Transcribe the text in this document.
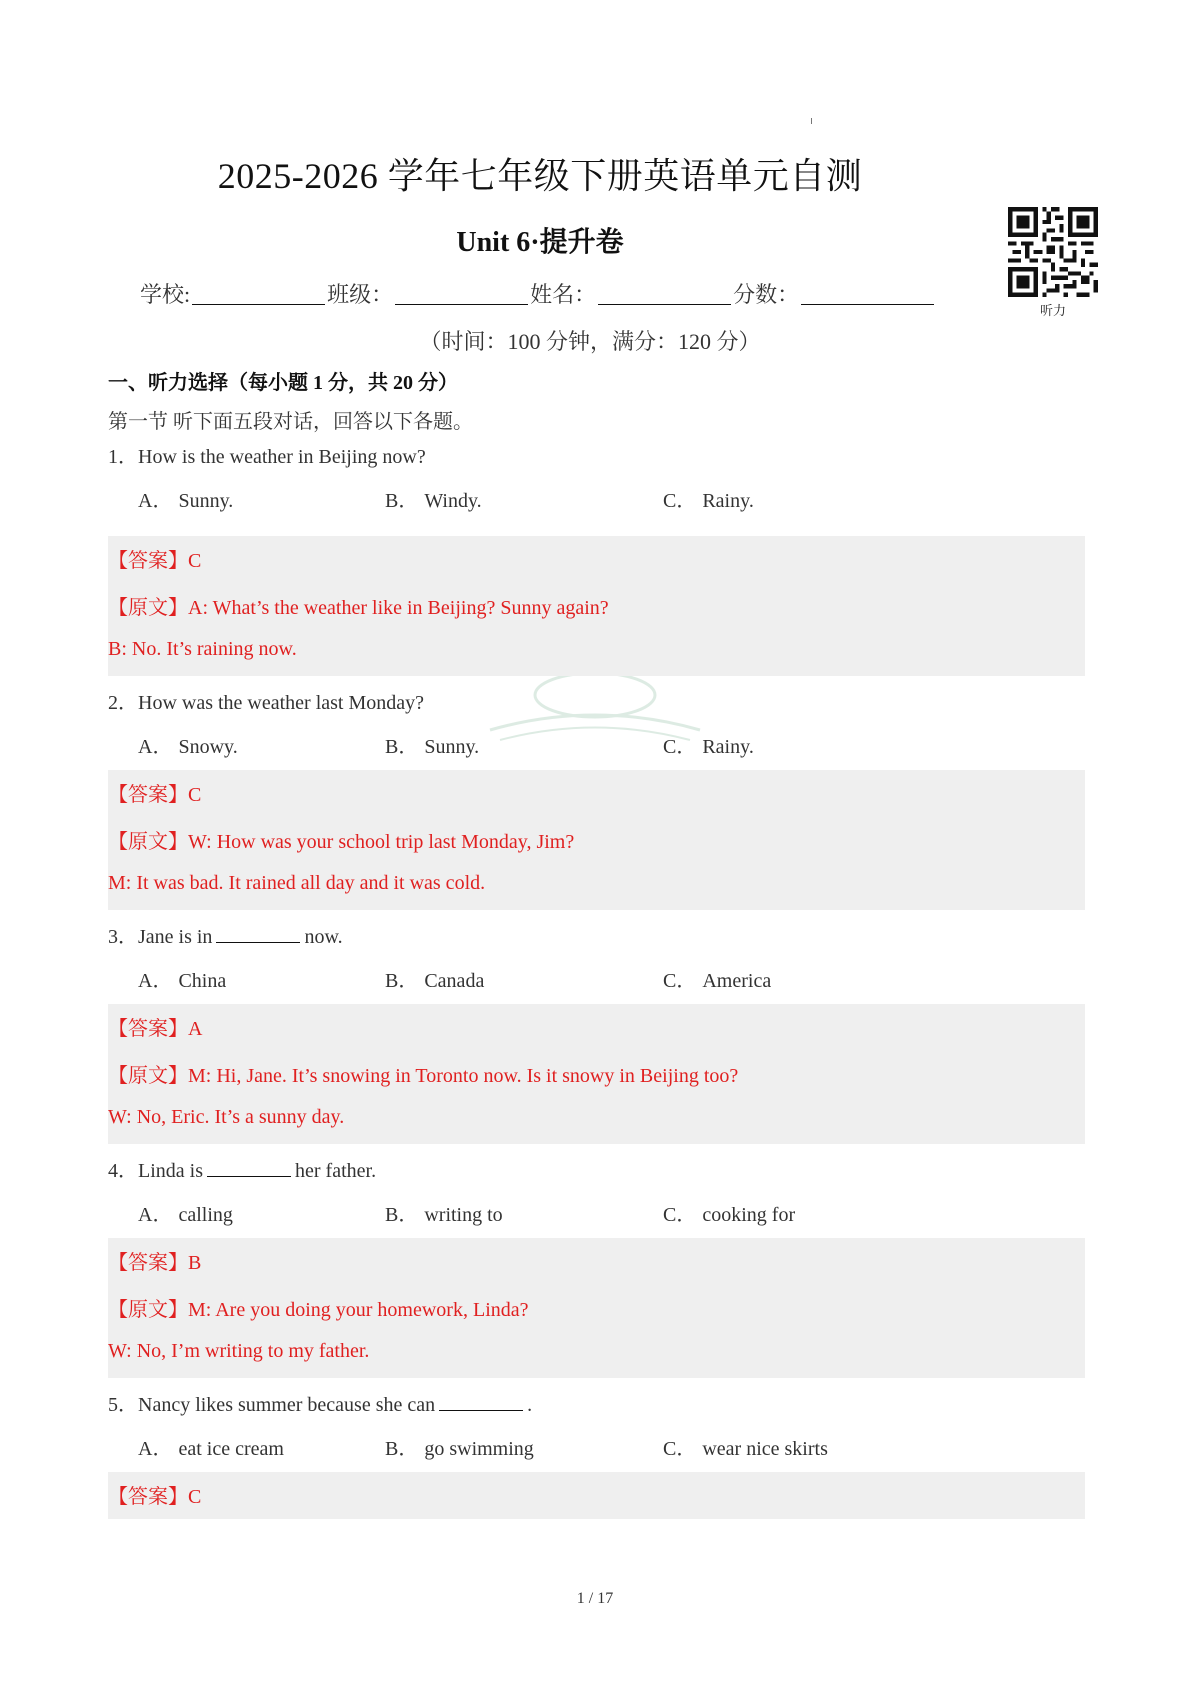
2025-2026 学年七年级下册英语单元自测
Unit 6·提升卷
听力
学校:	班级：	姓名：	分数：
（时间：100 分钟，满分：120 分）
一、听力选择（每小题 1 分，共 20 分）
第一节 听下面五段对话，回答以下各题。
1．How is the weather in Beijing now?
A． Sunny.	B． Windy.	C． Rainy.
【答案】C
【原文】A: What’s the weather like in Beijing? Sunny again?
B: No. It’s raining now.
2．How was the weather last Monday?
A． Snowy.	B． Sunny.	C． Rainy.
【答案】C
【原文】W: How was your school trip last Monday, Jim?
M: It was bad. It rained all day and it was cold.
3．Jane is in	now.
A． China	B． Canada	C． America
【答案】A
【原文】M: Hi, Jane. It’s snowing in Toronto now. Is it snowy in Beijing too?
W: No, Eric. It’s a sunny day.
4．Linda is	her father.
A． calling	B． writing to	C． cooking for
【答案】B
【原文】M: Are you doing your homework, Linda?
W: No, I’m writing to my father.
5．Nancy likes summer because she can	.
A． eat ice cream	B． go swimming	C． wear nice skirts
【答案】C
1 / 17
